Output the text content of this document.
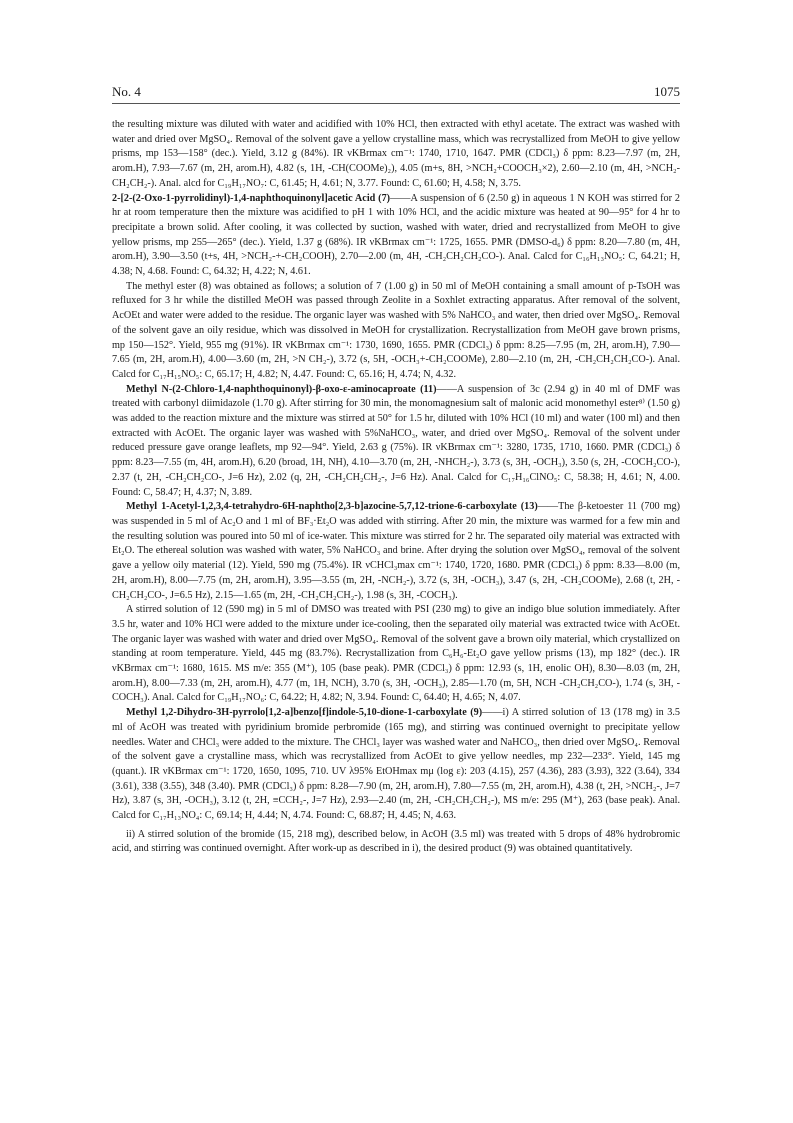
No. 4	1075

the resulting mixture was diluted with water and acidified with 10% HCl, then extracted with ethyl acetate. The extract was washed with water and dried over MgSO₄. Removal of the solvent gave a yellow crystalline mass, which was recrystallized from MeOH to give yellow prisms, mp 153—158° (dec.). Yield, 3.12 g (84%). IR νKBrmax cm⁻¹: 1740, 1710, 1647. PMR (CDCl₃) δ ppm: 8.23—7.97 (m, 2H, arom.H), 7.93—7.67 (m, 2H, arom.H), 4.82 (s, 1H, -CH(COOMe)₂), 4.05 (m+s, 8H, >NCH₂+COOCH₃×2), 2.60—2.10 (m, 4H, >NCH₂-CH₂CH₂-). Anal. alcd for C₁₉H₁₇NO₇: C, 61.45; H, 4.61; N, 3.77. Found: C, 61.60; H, 4.58; N, 3.75.

2-[2-(2-Oxo-1-pyrrolidinyl)-1,4-naphthoquinonyl]acetic Acid (7)——A suspension of 6 (2.50 g) in aqueous 1 N KOH was stirred for 2 hr at room temperature then the mixture was acidified to pH 1 with 10% HCl, and the acidic mixture was heated at 90—95° for 4 hr to precipitate a brown solid. After cooling, it was collected by suction, washed with water, dried and recrystallized from MeOH to give yellow prisms, mp 255—265° (dec.). Yield, 1.37 g (68%). IR νKBrmax cm⁻¹: 1725, 1655. PMR (DMSO-d₆) δ ppm: 8.20—7.80 (m, 4H, arom.H), 3.90—3.50 (t+s, 4H, >NCH₂-+-CH₂COOH), 2.70—2.00 (m, 4H, -CH₂CH₂CH₂CO-). Anal. Calcd for C₁₆H₁₃NO₅: C, 64.21; H, 4.38; N, 4.68. Found: C, 64.32; H, 4.22; N, 4.61.

The methyl ester (8) was obtained as follows; a solution of 7 (1.00 g) in 50 ml of MeOH containing a small amount of p-TsOH was refluxed for 3 hr while the distilled MeOH was passed through Zeolite in a Soxhlet extracting apparatus. After removal of the solvent, AcOEt and water were added to the residue. The organic layer was washed with 5% NaHCO₃ and water, then dried over MgSO₄. Removal of the solvent gave an oily residue, which was dissolved in MeOH for crystallization. Recrystallization from MeOH gave brown prisms, mp 150—152°. Yield, 955 mg (91%). IR νKBrmax cm⁻¹: 1730, 1690, 1655. PMR (CDCl₃) δ ppm: 8.25—7.95 (m, 2H, arom.H), 7.90—7.65 (m, 2H, arom.H), 4.00—3.60 (m, 2H, >N CH₂-), 3.72 (s, 5H, -OCH₃+-CH₂COOMe), 2.80—2.10 (m, 2H, -CH₂CH₂CH₂CO-). Anal. Calcd for C₁₇H₁₅NO₅: C, 65.17; H, 4.82; N, 4.47. Found: C, 65.16; H, 4.74; N, 4.32.

Methyl N-(2-Chloro-1,4-naphthoquinonyl)-β-oxo-ε-aminocaproate (11)——A suspension of 3c (2.94 g) in 40 ml of DMF was treated with carbonyl diimidazole (1.70 g). After stirring for 30 min, the monomagnesium salt of malonic acid monomethyl ester⁸⁾ (1.50 g) was added to the reaction mixture and the mixture was stirred at 50° for 1.5 hr, diluted with 10% HCl (10 ml) and water (100 ml) and then extracted with AcOEt. The organic layer was washed with 5%NaHCO₃, water, and dried over MgSO₄. Removal of the solvent under reduced pressure gave orange leaflets, mp 92—94°. Yield, 2.63 g (75%). IR νKBrmax cm⁻¹: 3280, 1735, 1710, 1660. PMR (CDCl₃) δ ppm: 8.23—7.55 (m, 4H, arom.H), 6.20 (broad, 1H, NH), 4.10—3.70 (m, 2H, -NHCH₂-), 3.73 (s, 3H, -OCH₃), 3.50 (s, 2H, -COCH₂CO-), 2.37 (t, 2H, -CH₂CH₂CO-, J=6 Hz), 2.02 (q, 2H, -CH₂CH₂CH₂-, J=6 Hz). Anal. Calcd for C₁₇H₁₆ClNO₅: C, 58.38; H, 4.61; N, 4.00. Found: C, 58.47; H, 4.37; N, 3.89.

Methyl 1-Acetyl-1,2,3,4-tetrahydro-6H-naphtho[2,3-b]azocine-5,7,12-trione-6-carboxylate (13)——The β-ketoester 11 (700 mg) was suspended in 5 ml of Ac₂O and 1 ml of BF₃·Et₂O was added with stirring. After 20 min, the mixture was warmed for a few min and the resulting solution was poured into 50 ml of ice-water. This mixture was stirred for 2 hr. The separated oily material was extracted with Et₂O. The ethereal solution was washed with water, 5% NaHCO₃ and brine. After drying the solution over MgSO₄, removal of the solvent gave a yellow oily material (12). Yield, 590 mg (75.4%). IR νCHCl₃max cm⁻¹: 1740, 1720, 1680. PMR (CDCl₃) δ ppm: 8.33—8.00 (m, 2H, arom.H), 8.00—7.75 (m, 2H, arom.H), 3.95—3.55 (m, 2H, -NCH₂-), 3.72 (s, 3H, -OCH₃), 3.47 (s, 2H, -CH₂COOMe), 2.68 (t, 2H, -CH₂CH₂CO-, J=6.5 Hz), 2.15—1.65 (m, 2H, -CH₂CH₂CH₂-), 1.98 (s, 3H, -COCH₃).

A stirred solution of 12 (590 mg) in 5 ml of DMSO was treated with PSI (230 mg) to give an indigo blue solution immediately. After 3.5 hr, water and 10% HCl were added to the mixture under ice-cooling, then the separated oily material was extracted twice with AcOEt. The organic layer was washed with water and dried over MgSO₄. Removal of the solvent gave a brown oily material, which crystallized on standing at room temperature. Yield, 445 mg (83.7%). Recrystallization from C₆H₆-Et₂O gave yellow prisms (13), mp 182° (dec.). IR νKBrmax cm⁻¹: 1680, 1615. MS m/e: 355 (M⁺), 105 (base peak). PMR (CDCl₃) δ ppm: 12.93 (s, 1H, enolic OH), 8.30—8.03 (m, 2H, arom.H), 8.00—7.33 (m, 2H, arom.H), 4.77 (m, 1H, NCH), 3.70 (s, 3H, -OCH₃), 2.85—1.70 (m, 5H, NCH -CH₂CH₂CO-), 1.74 (s, 3H, -COCH₃). Anal. Calcd for C₁₉H₁₇NO₆: C, 64.22; H, 4.82; N, 3.94. Found: C, 64.40; H, 4.65; N, 4.07.

Methyl 1,2-Dihydro-3H-pyrrolo[1,2-a]benzo[f]indole-5,10-dione-1-carboxylate (9)——i) A stirred solution of 13 (178 mg) in 3.5 ml of AcOH was treated with pyridinium bromide perbromide (165 mg), and stirring was continued overnight to precipitate yellow needles. Water and CHCl₃ were added to the mixture. The CHCl₃ layer was washed water and NaHCO₃, then dried over MgSO₄. Removal of the solvent gave a crystalline mass, which was recrystallized from AcOEt to give yellow needles, mp 232—233°. Yield, 145 mg (quant.). IR νKBrmax cm⁻¹: 1720, 1650, 1095, 710. UV λ95% EtOHmax mμ (log ε): 203 (4.15), 257 (4.36), 283 (3.93), 322 (3.64), 334 (3.61), 338 (3.55), 348 (3.40). PMR (CDCl₃) δ ppm: 8.28—7.90 (m, 2H, arom.H), 7.80—7.55 (m, 2H, arom.H), 4.38 (t, 2H, >NCH₂-, J=7 Hz), 3.87 (s, 3H, -OCH₃), 3.12 (t, 2H, ≡CCH₂-, J=7 Hz), 2.93—2.40 (m, 2H, -CH₂CH₂CH₂-), MS m/e: 295 (M⁺), 263 (base peak). Anal. Calcd for C₁₇H₁₃NO₄: C, 69.14; H, 4.44; N, 4.74. Found: C, 68.87; H, 4.45; N, 4.63.

ii) A stirred solution of the bromide (15, 218 mg), described below, in AcOH (3.5 ml) was treated with 5 drops of 48% hydrobromic acid, and stirring was continued overnight. After work-up as described in i), the desired product (9) was obtained quantitatively.
